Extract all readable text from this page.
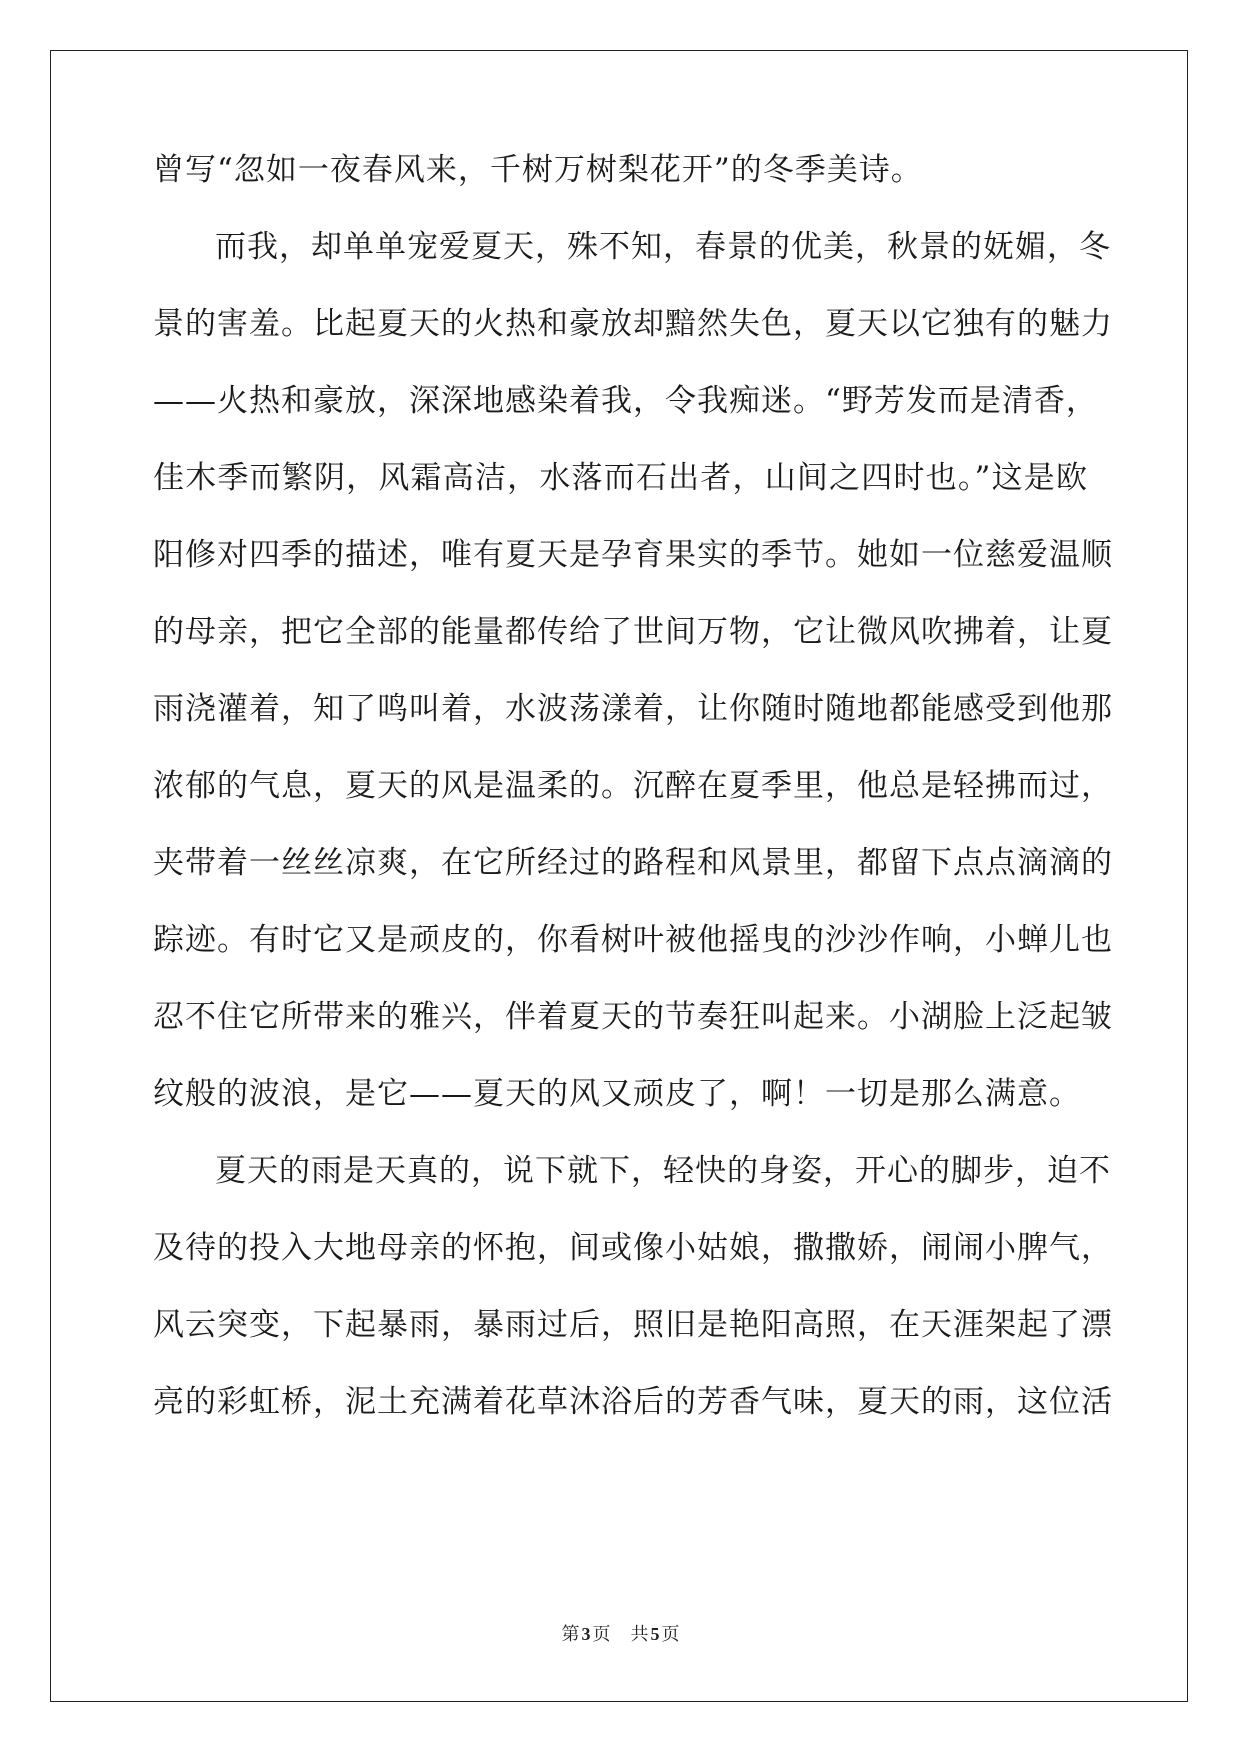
曾写“忽如一夜春风来，千树万树梨花开”的冬季美诗。
而我，却单单宠爱夏天，殊不知，春景的优美，秋景的妩媚，冬
景的害羞。比起夏天的火热和豪放却黯然失色，夏天以它独有的魅力
——火热和豪放，深深地感染着我，令我痴迷。“野芳发而是清香，
佳木季而繁阴，风霜高洁，水落而石出者，山间之四时也。”这是欧
阳修对四季的描述，唯有夏天是孕育果实的季节。她如一位慈爱温顺
的母亲，把它全部的能量都传给了世间万物，它让微风吹拂着，让夏
雨浇灌着，知了鸣叫着，水波荡漾着，让你随时随地都能感受到他那
浓郁的气息，夏天的风是温柔的。沉醉在夏季里，他总是轻拂而过，
夹带着一丝丝凉爽，在它所经过的路程和风景里，都留下点点滴滴的
踪迹。有时它又是顽皮的，你看树叶被他摇曳的沙沙作响，小蝉儿也
忍不住它所带来的雅兴，伴着夏天的节奏狂叫起来。小湖脸上泛起皱
纹般的波浪，是它——夏天的风又顽皮了，啊！一切是那么满意。
夏天的雨是天真的，说下就下，轻快的身姿，开心的脚步，迫不
及待的投入大地母亲的怀抱，间或像小姑娘，撒撒娇，闹闹小脾气，
风云突变，下起暴雨，暴雨过后，照旧是艳阳高照，在天涯架起了漂
亮的彩虹桥，泥土充满着花草沐浴后的芳香气味，夏天的雨，这位活
第 3 页 共 5 页
